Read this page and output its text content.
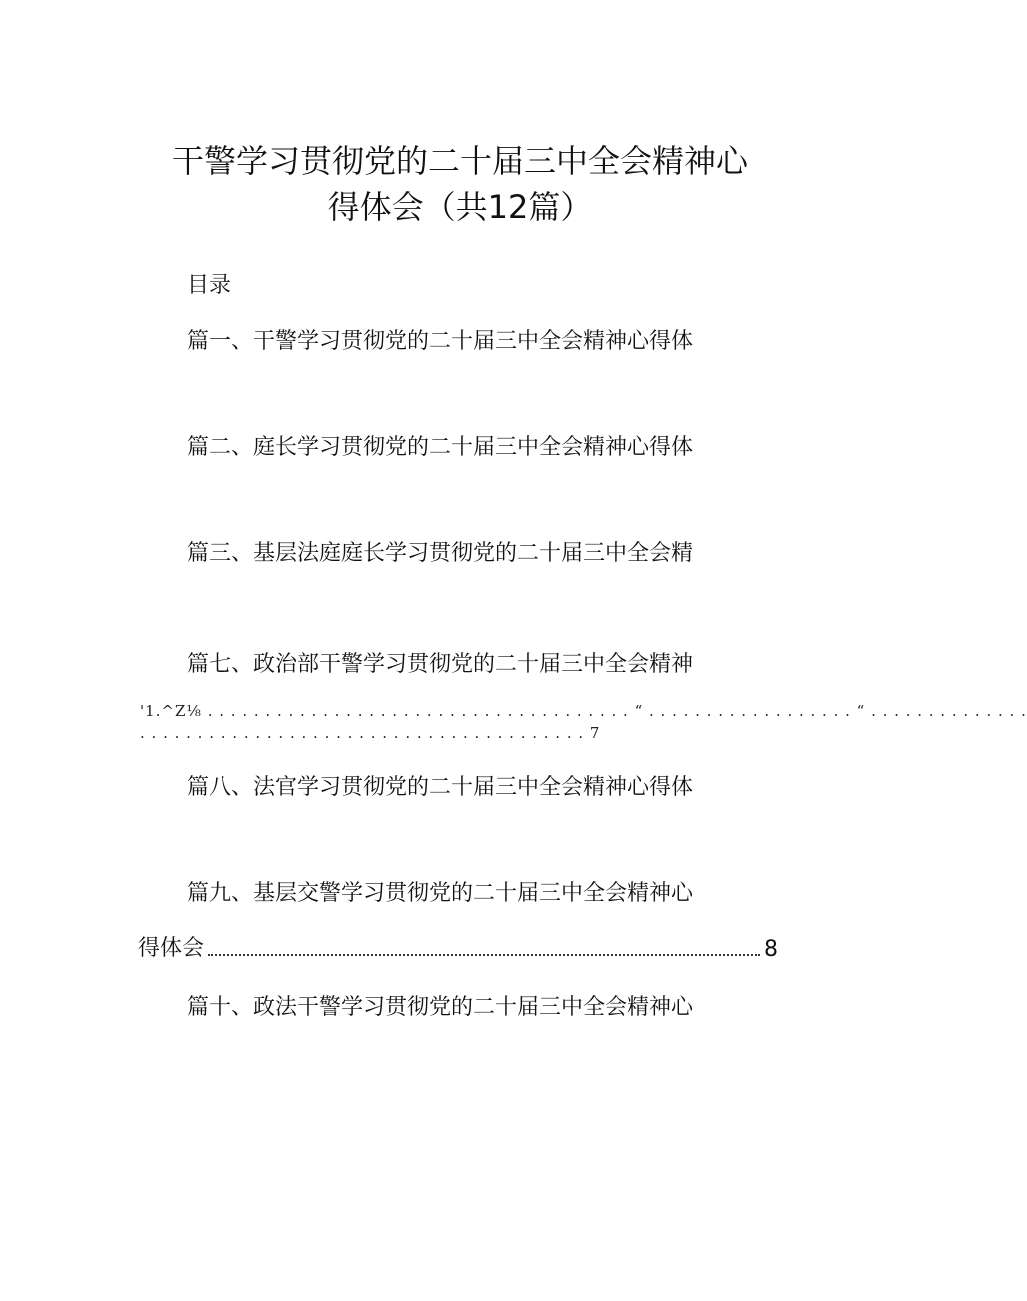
干警学习贯彻党的二十届三中全会精神心
得体会（共12篇）
目录
篇一、干警学习贯彻党的二十届三中全会精神心得体
篇二、庭长学习贯彻党的二十届三中全会精神心得体
篇三、基层法庭庭长学习贯彻党的二十届三中全会精
篇七、政治部干警学习贯彻党的二十届三中全会精神
'1.^Z⅛ . . . . . . . . . . . . . . . . . . . . . . . . . . . . . . . . . . . . . “ . . . . . . . . . . . . . . . . . . “ . . . . . . . . . . . . . .
. . . . . . . . . . . . . . . . . . . . . . . . . . . . . . . . . . . . . . . 7
篇八、法官学习贯彻党的二十届三中全会精神心得体
篇九、基层交警学习贯彻党的二十届三中全会精神心
得体会	8
篇十、政法干警学习贯彻党的二十届三中全会精神心
